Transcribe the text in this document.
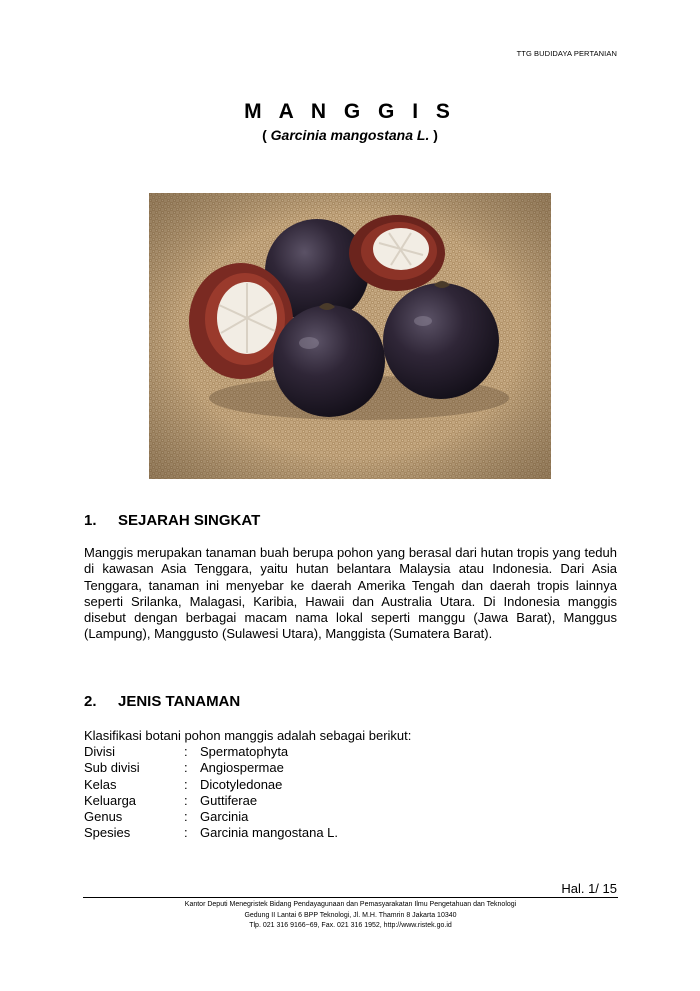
TTG BUDIDAYA PERTANIAN
M A N G G I S
( Garcinia mangostana L. )
1. SEJARAH SINGKAT
Manggis merupakan tanaman buah berupa pohon yang berasal dari hutan tropis yang teduh di kawasan Asia Tenggara, yaitu hutan belantara Malaysia atau Indonesia. Dari Asia Tenggara, tanaman ini menyebar ke daerah Amerika Tengah dan daerah tropis lainnya seperti Srilanka, Malagasi, Karibia, Hawaii dan Australia Utara. Di Indonesia manggis disebut dengan berbagai macam nama lokal seperti manggu (Jawa Barat), Manggus (Lampung), Manggusto (Sulawesi Utara), Manggista (Sumatera Barat).
2. JENIS TANAMAN
Klasifikasi botani pohon manggis adalah sebagai berikut:
Divisi	: Spermatophyta
Sub divisi	: Angiospermae
Kelas	: Dicotyledonae
Keluarga	: Guttiferae
Genus	: Garcinia
Spesies	: Garcinia mangostana L.
Hal. 1/ 15
Kantor Deputi Menegristek Bidang Pendayagunaan dan Pemasyarakatan Ilmu Pengetahuan dan Teknologi
Gedung II Lantai 6 BPP Teknologi, Jl. M.H. Thamrin 8 Jakarta 10340
Tlp. 021 316 9166~69, Fax. 021 316 1952, http://www.ristek.go.id
